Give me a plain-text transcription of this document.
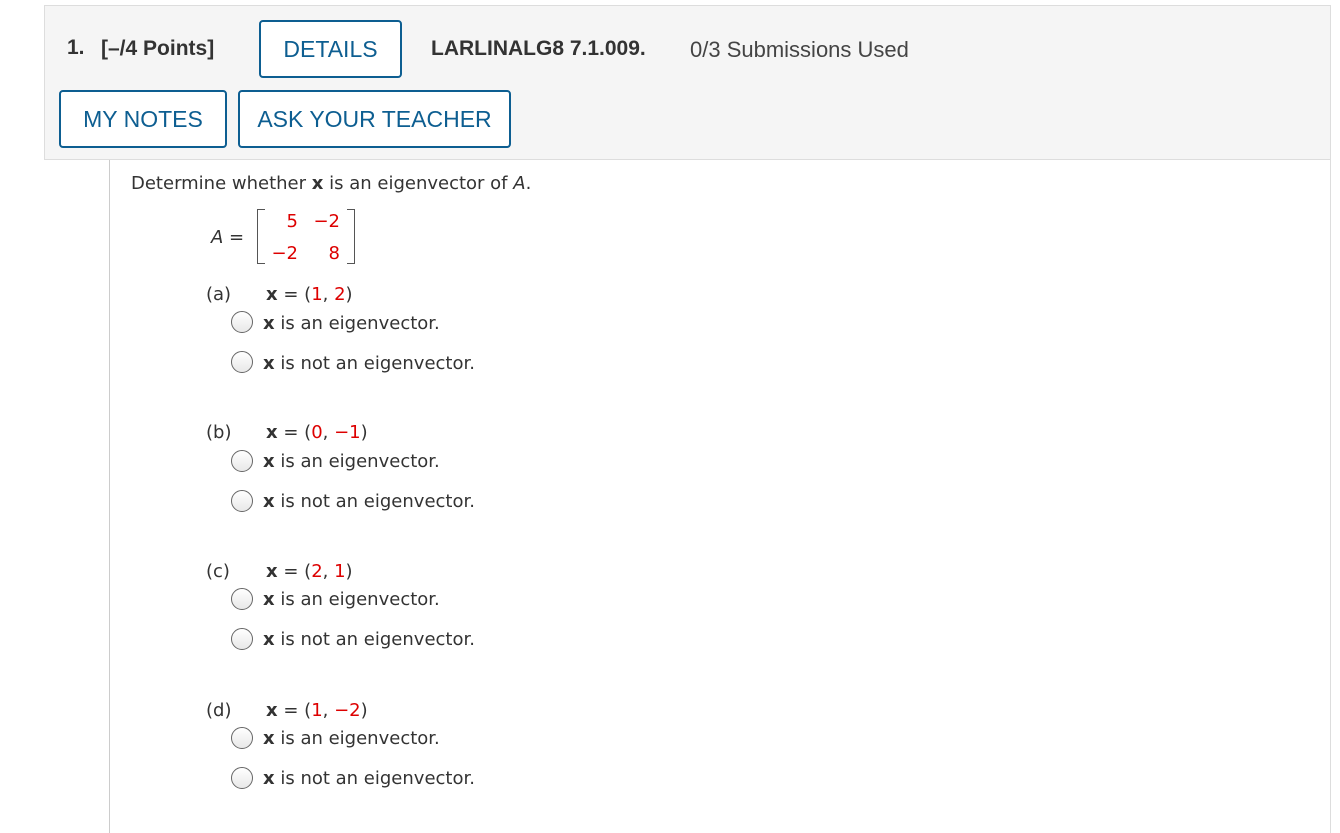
1. [–/4 Points]	DETAILS	LARLINALG8 7.1.009. 0/3 Submissions Used
MY NOTES	ASK YOUR TEACHER
Determine whether x is an eigenvector of A.
A =
5 −2
−2	8
(a) x = (1, 2)
x is an eigenvector.
x is not an eigenvector.
(b) x = (0, −1)
x is an eigenvector.
x is not an eigenvector.
(c) x = (2, 1)
x is an eigenvector.
x is not an eigenvector.
(d) x = (1, −2)
x is an eigenvector.
x is not an eigenvector.
